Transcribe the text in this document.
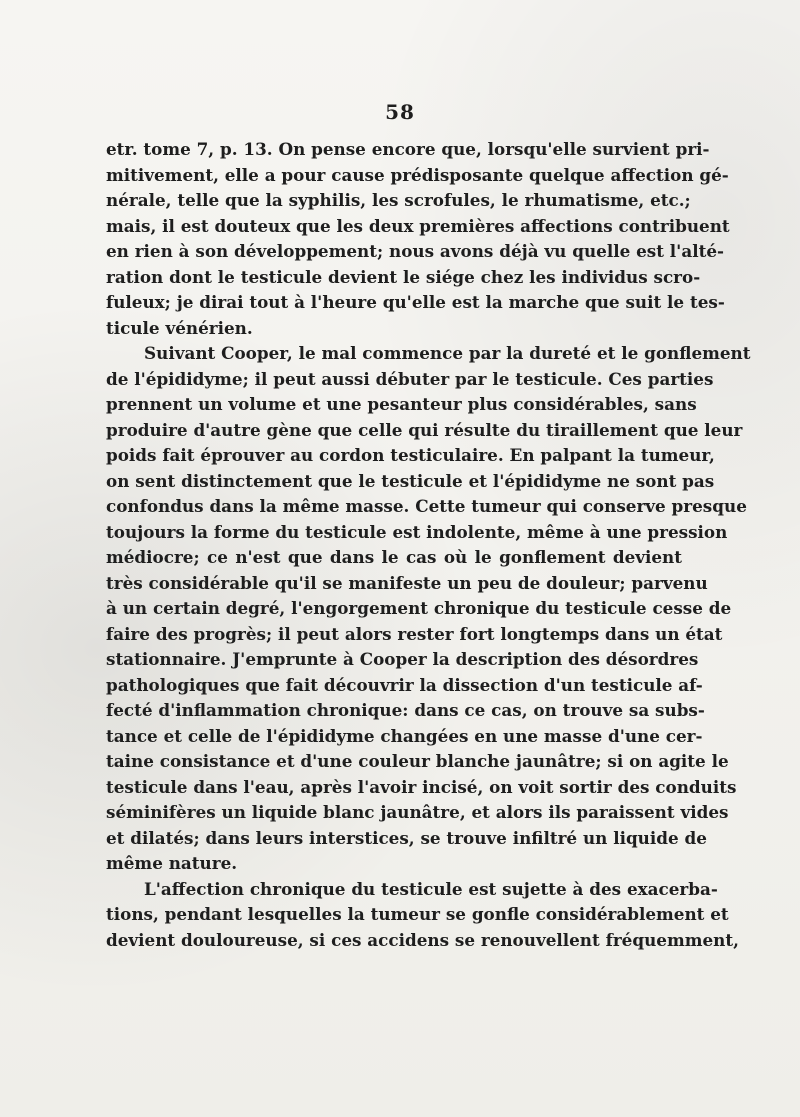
58
etr. tome 7, p. 13. On pense encore que, lorsqu'elle survient pri-
mitivement, elle a pour cause prédisposante quelque affection gé-
nérale, telle que la syphilis, les scrofules, le rhumatisme, etc.;
mais, il est douteux que les deux premières affections contribuent
en rien à son développement; nous avons déjà vu quelle est l'alté-
ration dont le testicule devient le siége chez les individus scro-
fuleux; je dirai tout à l'heure qu'elle est la marche que suit le tes-
ticule vénérien.
Suivant Cooper, le mal commence par la dureté et le gonflement
de l'épididyme; il peut aussi débuter par le testicule. Ces parties
prennent un volume et une pesanteur plus considérables, sans
produire d'autre gène que celle qui résulte du tiraillement que leur
poids fait éprouver au cordon testiculaire. En palpant la tumeur,
on sent distinctement que le testicule et l'épididyme ne sont pas
confondus dans la même masse. Cette tumeur qui conserve presque
toujours la forme du testicule est indolente, même à une pression
médiocre; ce n'est que dans le cas où le gonflement devient
très considérable qu'il se manifeste un peu de douleur; parvenu
à un certain degré, l'engorgement chronique du testicule cesse de
faire des progrès; il peut alors rester fort longtemps dans un état
stationnaire. J'emprunte à Cooper la description des désordres
pathologiques que fait découvrir la dissection d'un testicule af-
fecté d'inflammation chronique: dans ce cas, on trouve sa subs-
tance et celle de l'épididyme changées en une masse d'une cer-
taine consistance et d'une couleur blanche jaunâtre; si on agite le
testicule dans l'eau, après l'avoir incisé, on voit sortir des conduits
séminifères un liquide blanc jaunâtre, et alors ils paraissent vides
et dilatés; dans leurs interstices, se trouve infiltré un liquide de
même nature.
L'affection chronique du testicule est sujette à des exacerba-
tions, pendant lesquelles la tumeur se gonfle considérablement et
devient douloureuse, si ces accidens se renouvellent fréquemment,
